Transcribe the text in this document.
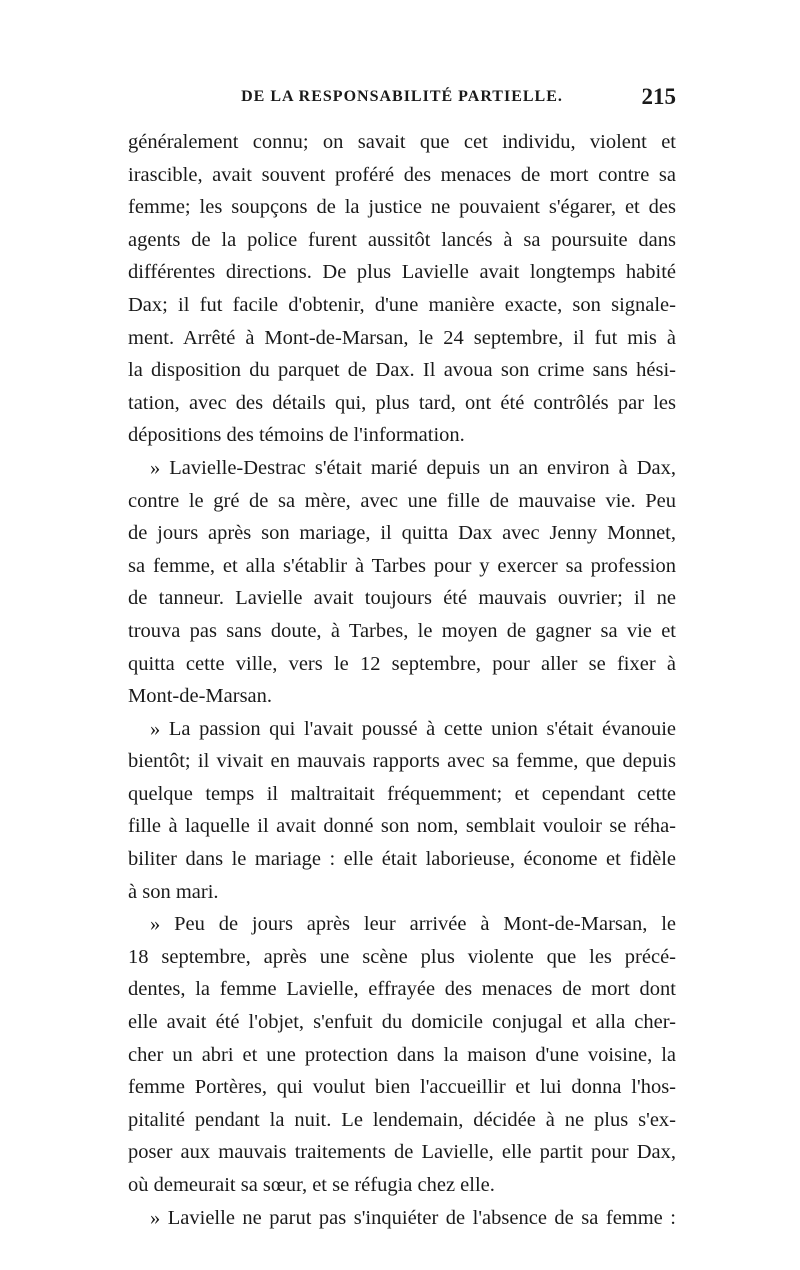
DE LA RESPONSABILITÉ PARTIELLE.	215
généralement connu; on savait que cet individu, violent et
irascible, avait souvent proféré des menaces de mort contre sa
femme; les soupçons de la justice ne pouvaient s'égarer, et des
agents de la police furent aussitôt lancés à sa poursuite dans
différentes directions. De plus Lavielle avait longtemps habité
Dax; il fut facile d'obtenir, d'une manière exacte, son signale-
ment. Arrêté à Mont-de-Marsan, le 24 septembre, il fut mis à
la disposition du parquet de Dax. Il avoua son crime sans hési-
tation, avec des détails qui, plus tard, ont été contrôlés par les
dépositions des témoins de l'information.
» Lavielle-Destrac s'était marié depuis un an environ à Dax,
contre le gré de sa mère, avec une fille de mauvaise vie. Peu
de jours après son mariage, il quitta Dax avec Jenny Monnet,
sa femme, et alla s'établir à Tarbes pour y exercer sa profession
de tanneur. Lavielle avait toujours été mauvais ouvrier; il ne
trouva pas sans doute, à Tarbes, le moyen de gagner sa vie et
quitta cette ville, vers le 12 septembre, pour aller se fixer à
Mont-de-Marsan.
» La passion qui l'avait poussé à cette union s'était évanouie
bientôt; il vivait en mauvais rapports avec sa femme, que depuis
quelque temps il maltraitait fréquemment; et cependant cette
fille à laquelle il avait donné son nom, semblait vouloir se réha-
biliter dans le mariage : elle était laborieuse, économe et fidèle
à son mari.
» Peu de jours après leur arrivée à Mont-de-Marsan, le
18 septembre, après une scène plus violente que les précé-
dentes, la femme Lavielle, effrayée des menaces de mort dont
elle avait été l'objet, s'enfuit du domicile conjugal et alla cher-
cher un abri et une protection dans la maison d'une voisine, la
femme Portères, qui voulut bien l'accueillir et lui donna l'hos-
pitalité pendant la nuit. Le lendemain, décidée à ne plus s'ex-
poser aux mauvais traitements de Lavielle, elle partit pour Dax,
où demeurait sa sœur, et se réfugia chez elle.
» Lavielle ne parut pas s'inquiéter de l'absence de sa femme :
